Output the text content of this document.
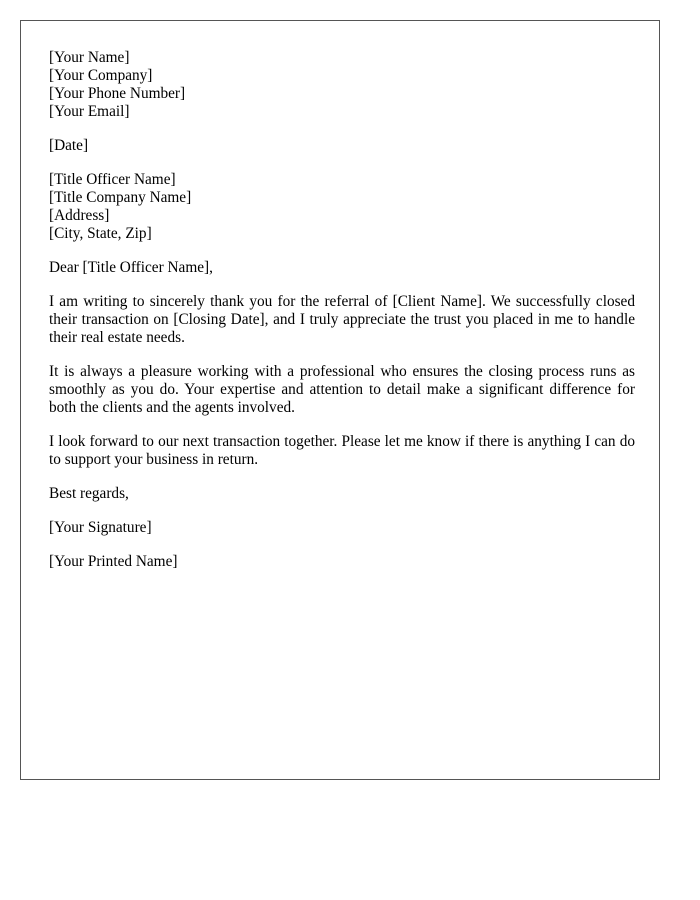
[Your Name]
[Your Company]
[Your Phone Number]
[Your Email]
[Date]
[Title Officer Name]
[Title Company Name]
[Address]
[City, State, Zip]

Dear [Title Officer Name],

I am writing to sincerely thank you for the referral of [Client Name]. We successfully closed their transaction on [Closing Date], and I truly appreciate the trust you placed in me to handle their real estate needs.

It is always a pleasure working with a professional who ensures the closing process runs as smoothly as you do. Your expertise and attention to detail make a significant difference for both the clients and the agents involved.

I look forward to our next transaction together. Please let me know if there is anything I can do to support your business in return.

Best regards,

[Your Signature]

[Your Printed Name]
